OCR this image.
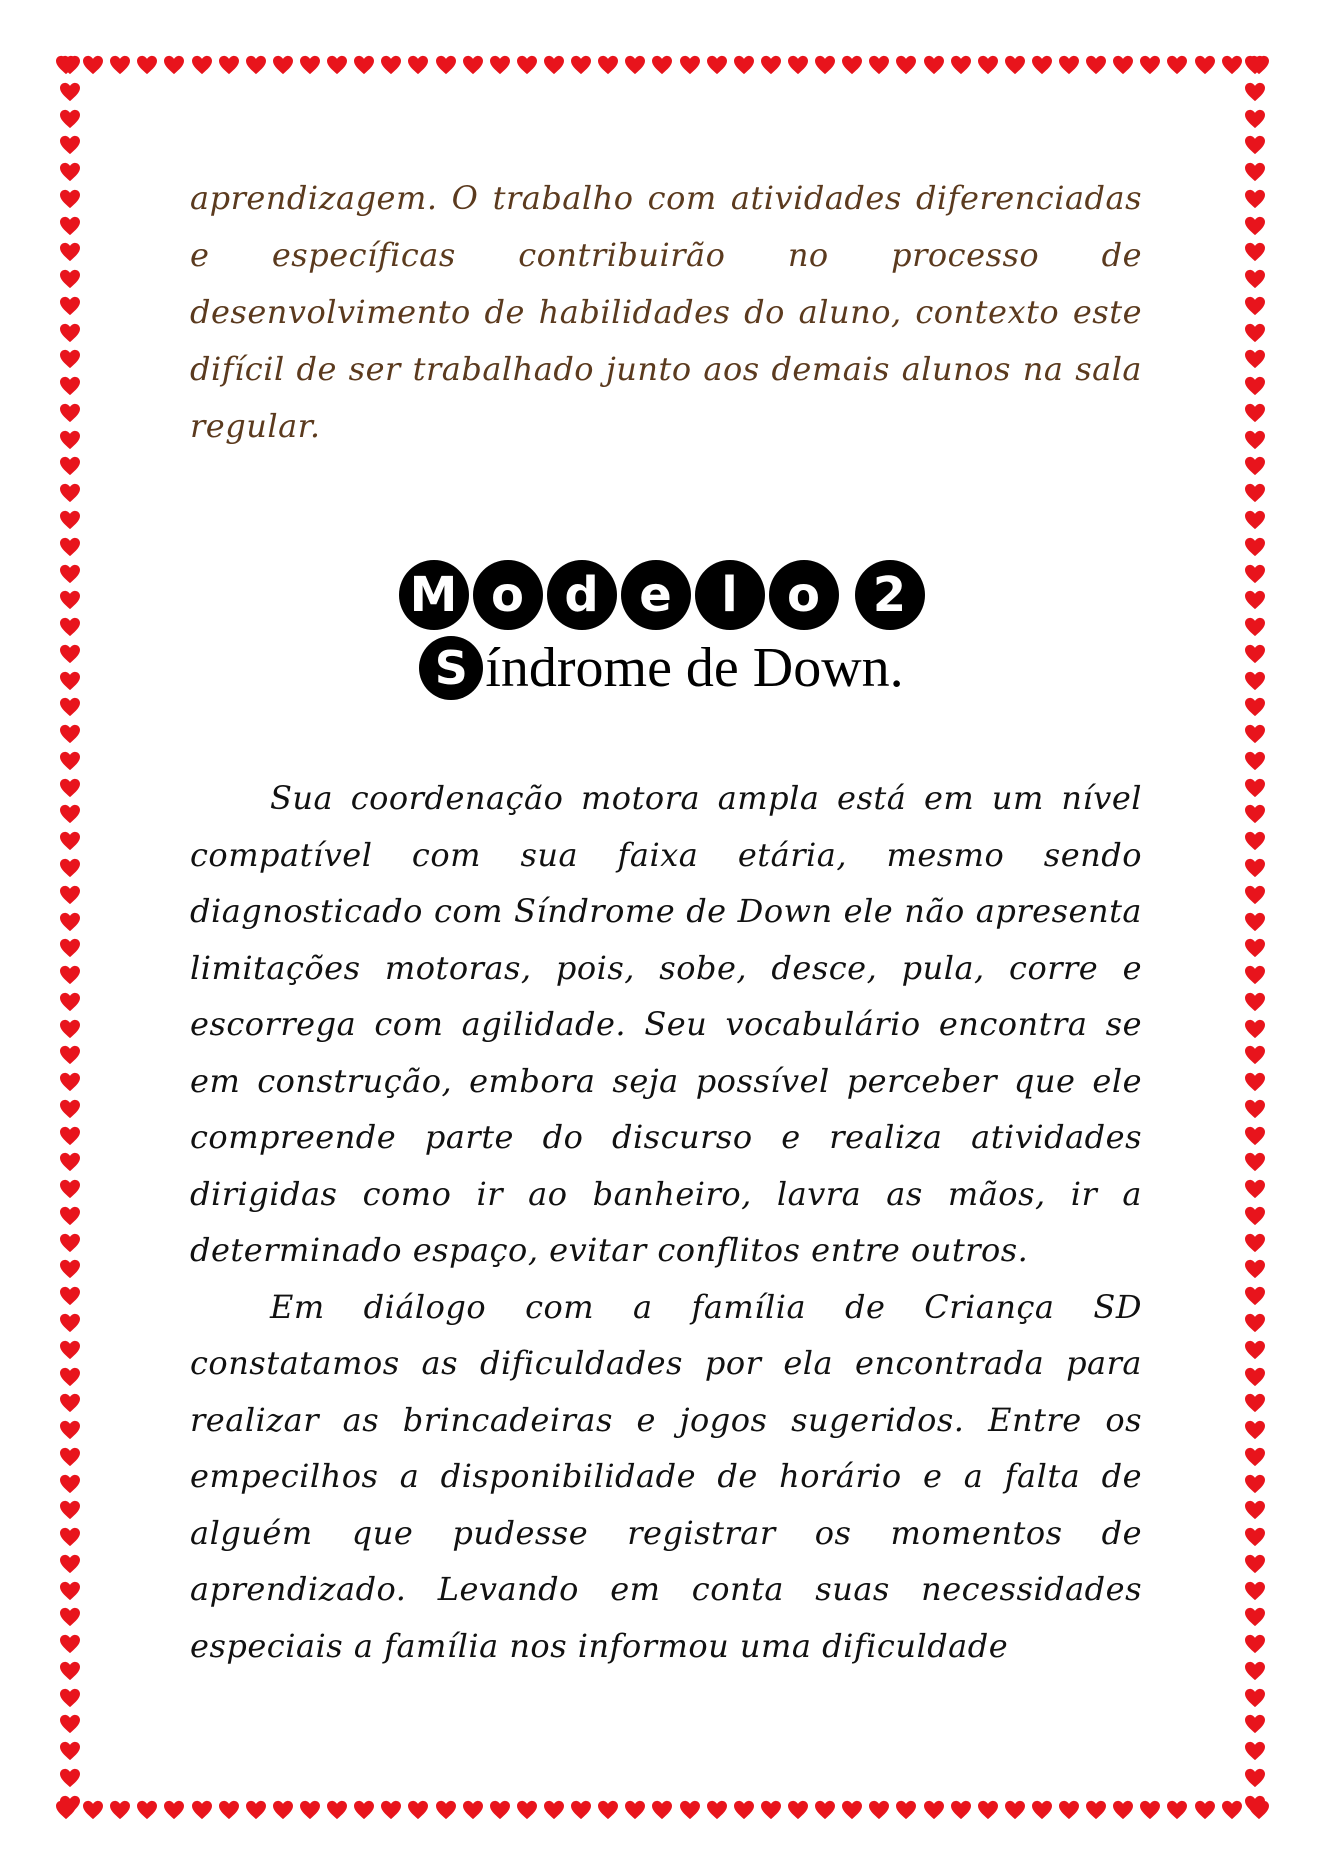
aprendizagem. O trabalho com atividades diferenciadas e específicas contribuirão no processo de desenvolvimento de habilidades do aluno, contexto este difícil de ser trabalhado junto aos demais alunos na sala regular.

M o d e	l	o	2

S índrome de Down.

Sua coordenação motora ampla está em um nível compatível com sua faixa etária, mesmo sendo diagnosticado com Síndrome de Down ele não apresenta limitações motoras, pois, sobe, desce, pula, corre e escorrega com agilidade. Seu vocabulário encontra se em construção, embora seja possível perceber que ele compreende parte do discurso e realiza atividades dirigidas como ir ao banheiro, lavra as mãos, ir a determinado espaço, evitar conflitos entre outros.

Em diálogo com a família de Criança SD constatamos as dificuldades por ela encontrada para realizar as brincadeiras e jogos sugeridos. Entre os empecilhos a disponibilidade de horário e a falta de alguém que pudesse registrar os momentos de aprendizado. Levando em conta suas necessidades especiais a família nos informou uma dificuldade
